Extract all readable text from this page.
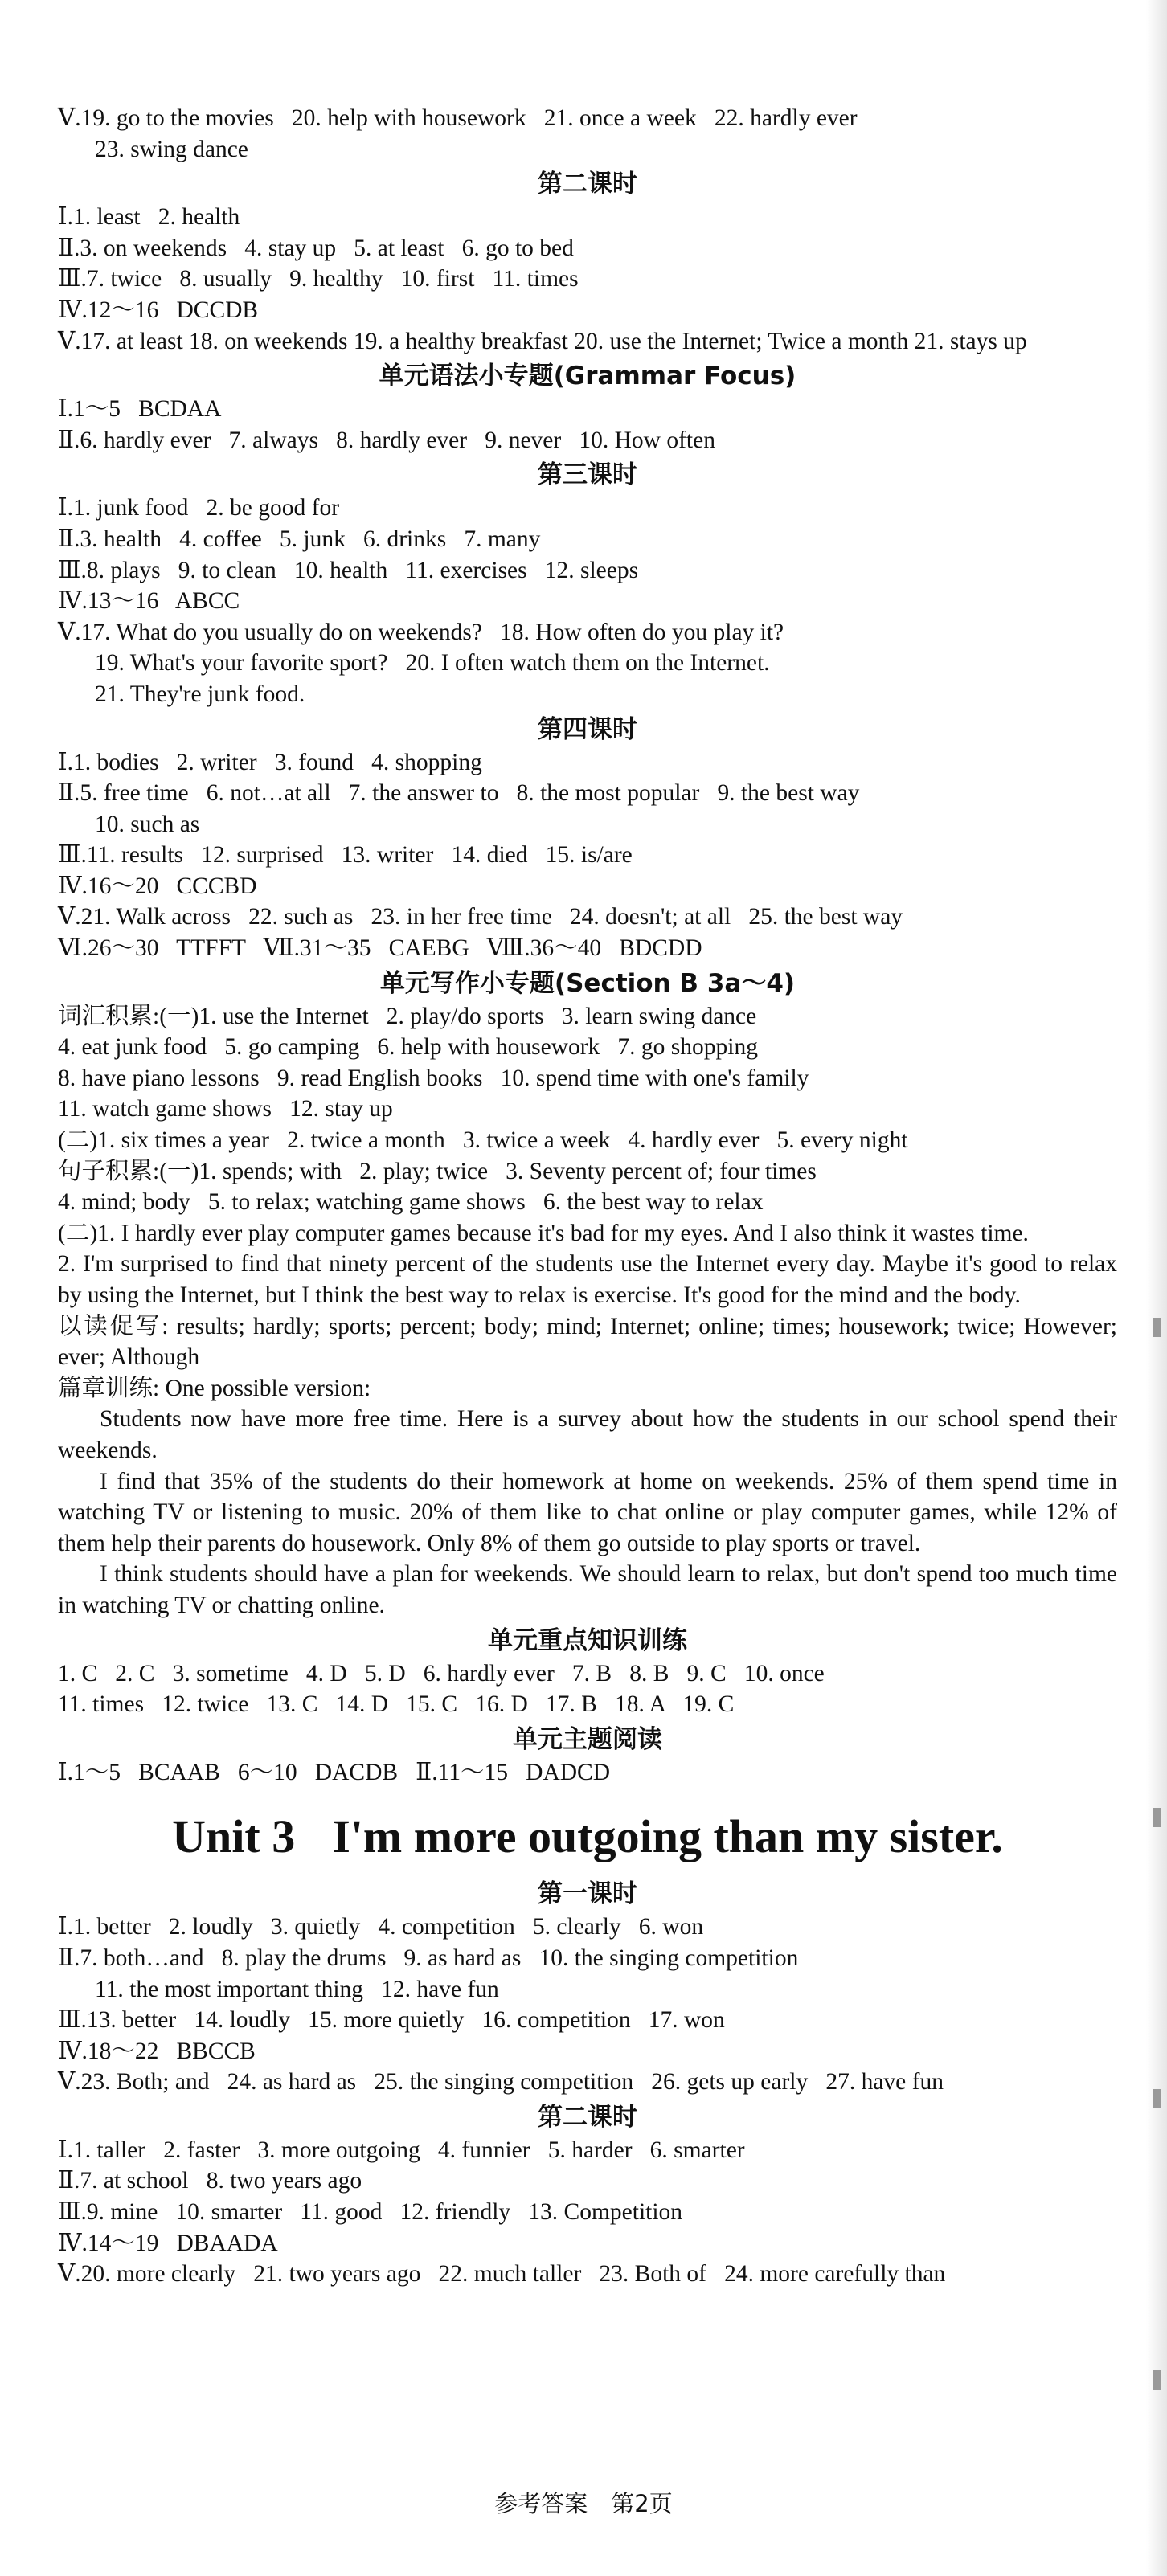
Ⅴ.19. go to the movies   20. help with housework   21. once a week   22. hardly ever
23. swing dance
第二课时
Ⅰ.1. least   2. health
Ⅱ.3. on weekends   4. stay up   5. at least   6. go to bed
Ⅲ.7. twice   8. usually   9. healthy   10. first   11. times
Ⅳ.12～16   DCCDB
Ⅴ.17. at least 18. on weekends 19. a healthy breakfast 20. use the Internet; Twice a month 21. stays up
单元语法小专题(Grammar Focus)
Ⅰ.1～5   BCDAA
Ⅱ.6. hardly ever   7. always   8. hardly ever   9. never   10. How often
第三课时
Ⅰ.1. junk food   2. be good for
Ⅱ.3. health   4. coffee   5. junk   6. drinks   7. many
Ⅲ.8. plays   9. to clean   10. health   11. exercises   12. sleeps
Ⅳ.13～16   ABCC
Ⅴ.17. What do you usually do on weekends?   18. How often do you play it?
19. What's your favorite sport?   20. I often watch them on the Internet.
21. They're junk food.
第四课时
Ⅰ.1. bodies   2. writer   3. found   4. shopping
Ⅱ.5. free time   6. not…at all   7. the answer to   8. the most popular   9. the best way
10. such as
Ⅲ.11. results   12. surprised   13. writer   14. died   15. is/are
Ⅳ.16～20   CCCBD
Ⅴ.21. Walk across   22. such as   23. in her free time   24. doesn't; at all   25. the best way
Ⅵ.26～30   TTFFT   Ⅶ.31～35   CAEBG   Ⅷ.36～40   BDCDD
单元写作小专题(Section B 3a～4)
词汇积累:(一)1. use the Internet   2. play/do sports   3. learn swing dance
4. eat junk food   5. go camping   6. help with housework   7. go shopping
8. have piano lessons   9. read English books   10. spend time with one's family
11. watch game shows   12. stay up
(二)1. six times a year   2. twice a month   3. twice a week   4. hardly ever   5. every night
句子积累:(一)1. spends; with   2. play; twice   3. Seventy percent of; four times
4. mind; body   5. to relax; watching game shows   6. the best way to relax
(二)1. I hardly ever play computer games because it's bad for my eyes. And I also think it wastes time.
2. I'm surprised to find that ninety percent of the students use the Internet every day. Maybe it's good to relax by using the Internet, but I think the best way to relax is exercise. It's good for the mind and the body.
以读促写: results; hardly; sports; percent; body; mind; Internet; online; times; housework; twice; However; ever; Although
篇章训练: One possible version:
Students now have more free time. Here is a survey about how the students in our school spend their weekends.
I find that 35% of the students do their homework at home on weekends. 25% of them spend time in watching TV or listening to music. 20% of them like to chat online or play computer games, while 12% of them help their parents do housework. Only 8% of them go outside to play sports or travel.
I think students should have a plan for weekends. We should learn to relax, but don't spend too much time in watching TV or chatting online.
单元重点知识训练
1. C   2. C   3. sometime   4. D   5. D   6. hardly ever   7. B   8. B   9. C   10. once
11. times   12. twice   13. C   14. D   15. C   16. D   17. B   18. A   19. C
单元主题阅读
Ⅰ.1～5   BCAAB   6～10   DACDB   Ⅱ.11～15   DADCD
Unit 3 I'm more outgoing than my sister.
第一课时
Ⅰ.1. better   2. loudly   3. quietly   4. competition   5. clearly   6. won
Ⅱ.7. both…and   8. play the drums   9. as hard as   10. the singing competition
11. the most important thing   12. have fun
Ⅲ.13. better   14. loudly   15. more quietly   16. competition   17. won
Ⅳ.18～22   BBCCB
Ⅴ.23. Both; and   24. as hard as   25. the singing competition   26. gets up early   27. have fun
第二课时
Ⅰ.1. taller   2. faster   3. more outgoing   4. funnier   5. harder   6. smarter
Ⅱ.7. at school   8. two years ago
Ⅲ.9. mine   10. smarter   11. good   12. friendly   13. Competition
Ⅳ.14～19   DBAADA
Ⅴ.20. more clearly   21. two years ago   22. much taller   23. Both of   24. more carefully than
参考答案　第2页
